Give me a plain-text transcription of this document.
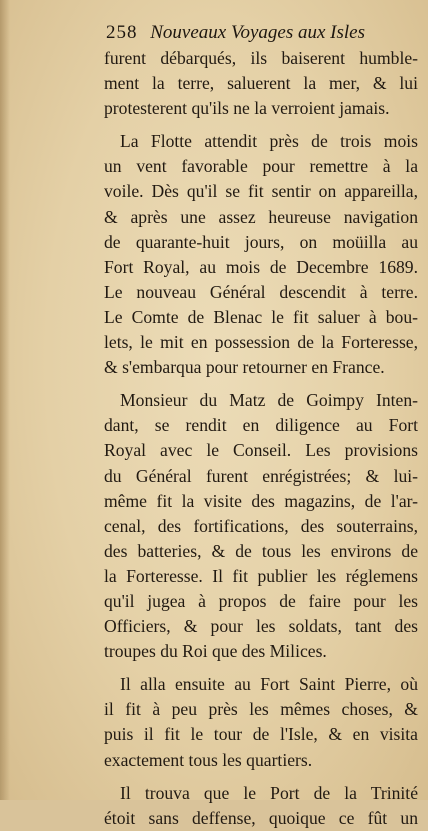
258 Nouveaux Voyages aux Isles
furent débarqués, ils baiserent humble-
ment la terre, saluerent la mer, & lui
protesterent qu'ils ne la verroient jamais.
La Flotte attendit près de trois mois
un vent favorable pour remettre à la
voile. Dès qu'il se fit sentir on appareilla,
& après une assez heureuse navigation
de quarante-huit jours, on moüilla au
Fort Royal, au mois de Decembre 1689.
Le nouveau Général descendit à terre.
Le Comte de Blenac le fit saluer à bou-
lets, le mit en possession de la Forteresse,
& s'embarqua pour retourner en France.
Monsieur du Matz de Goimpy Inten-
dant, se rendit en diligence au Fort
Royal avec le Conseil. Les provisions
du Général furent enrégistrées; & lui-
même fit la visite des magazins, de l'ar-
cenal, des fortifications, des souterrains,
des batteries, & de tous les environs de
la Forteresse. Il fit publier les réglemens
qu'il jugea à propos de faire pour les
Officiers, & pour les soldats, tant des
troupes du Roi que des Milices.
Il alla ensuite au Fort Saint Pierre, où
il fit à peu près les mêmes choses, &
puis il fit le tour de l'Isle, & en visita
exactement tous les quartiers.
Il trouva que le Port de la Trinité
étoit sans deffense, quoique ce fût un
